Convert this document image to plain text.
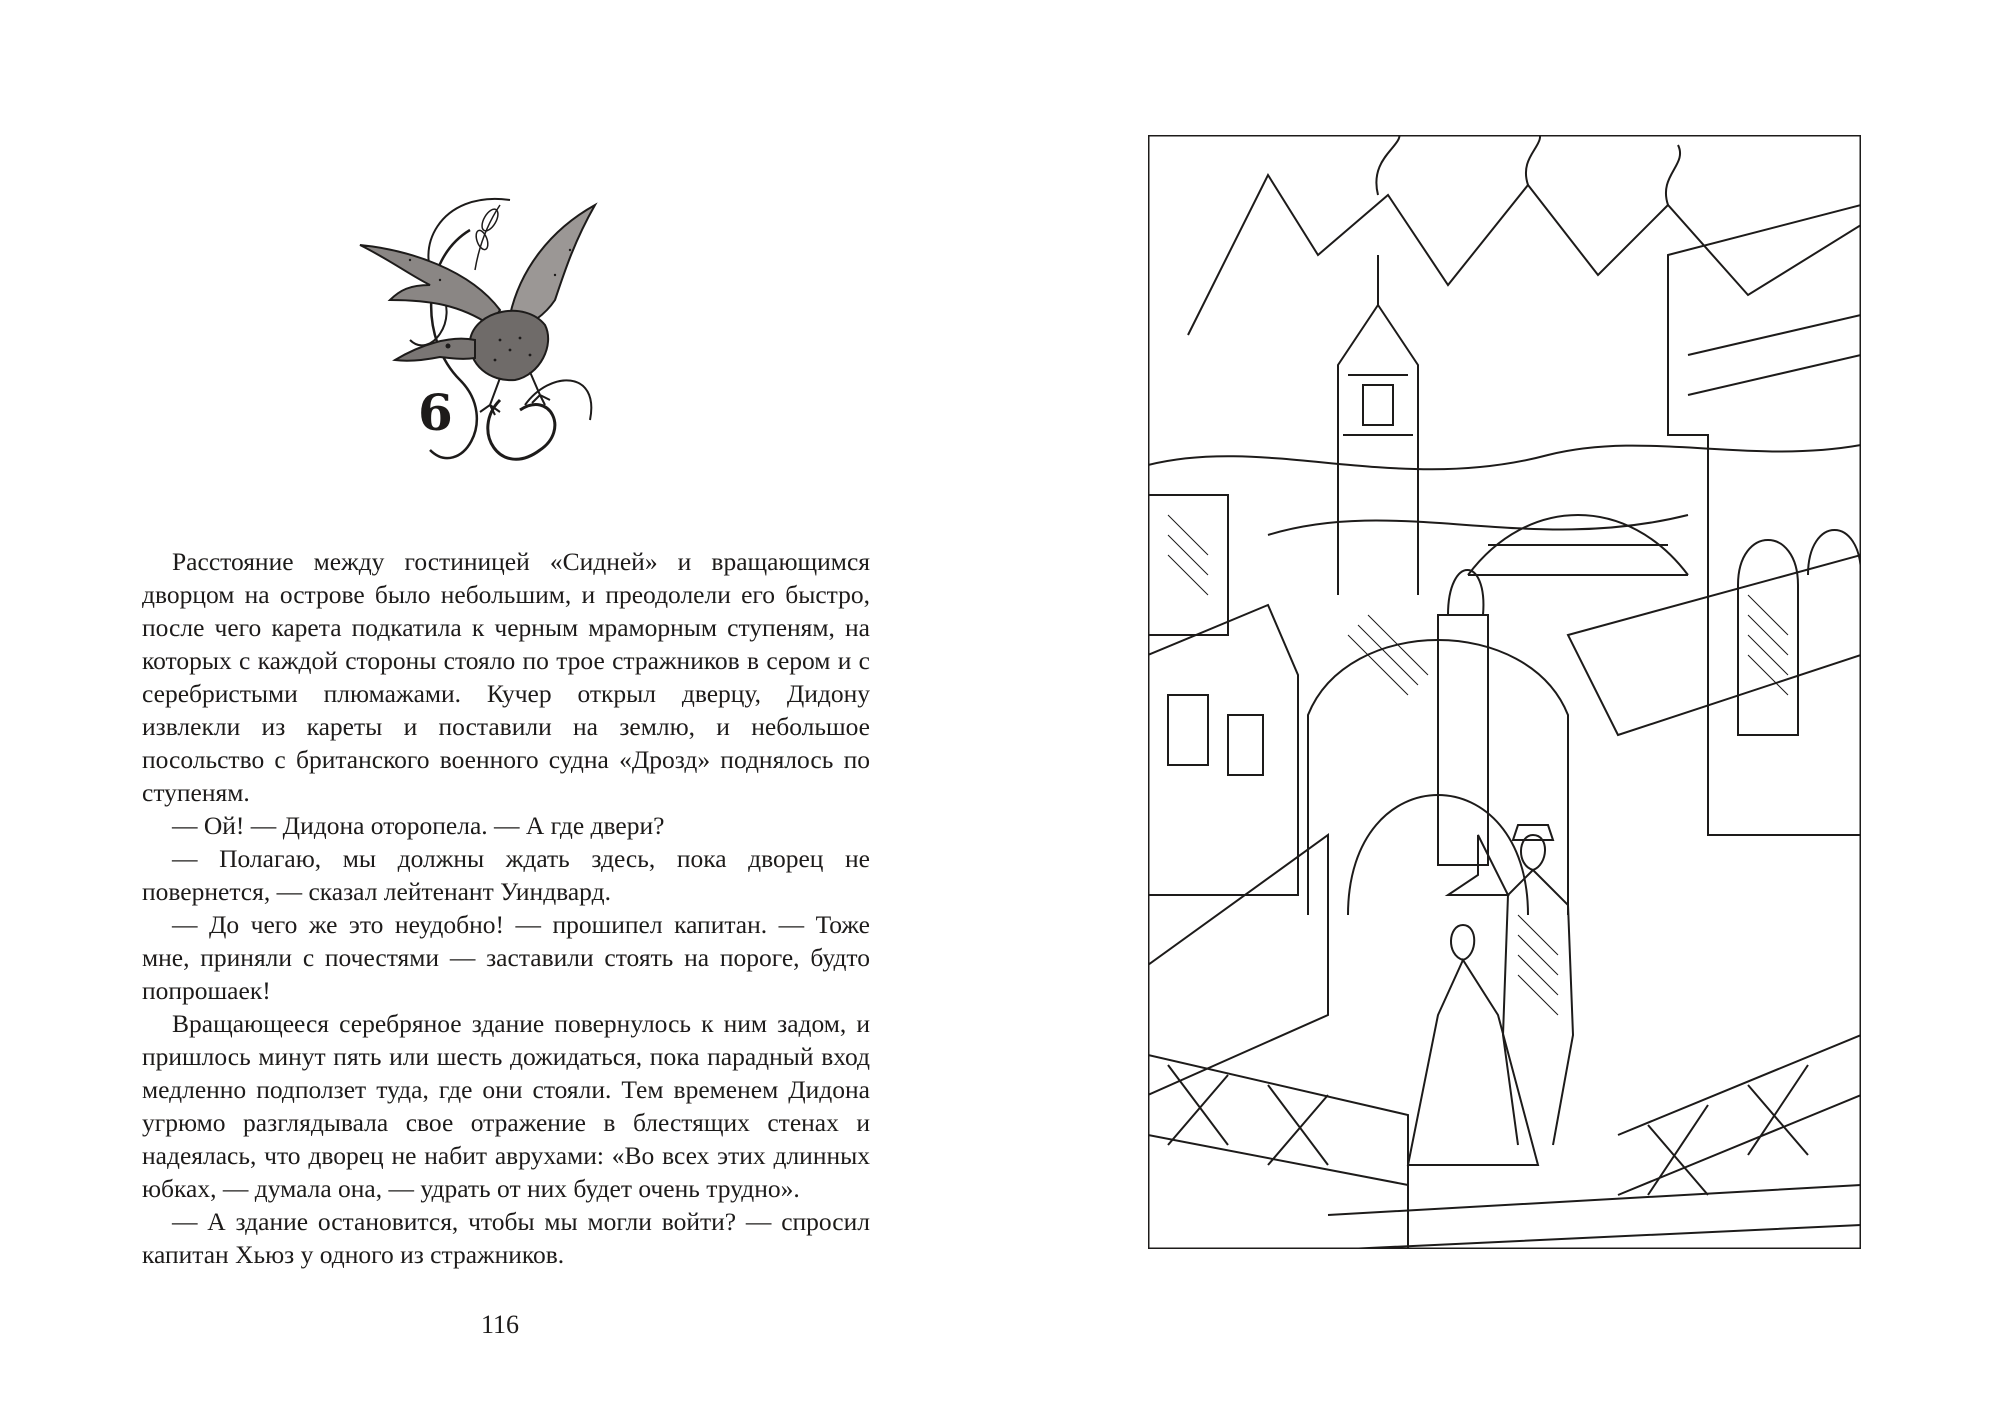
6

Расстояние между гостиницей «Сидней» и вращающимся дворцом на острове было небольшим, и преодолели его быстро, после чего карета подкатила к черным мраморным ступеням, на которых с каждой стороны стояло по трое стражников в сером и с серебристыми плюмажами. Кучер открыл дверцу, Дидону извлекли из кареты и поставили на землю, и небольшое посольство с британского военного судна «Дрозд» поднялось по ступеням.

— Ой! — Дидона оторопела. — А где двери?

— Полагаю, мы должны ждать здесь, пока дворец не повернется, — сказал лейтенант Уиндвард.

— До чего же это неудобно! — прошипел капитан. — Тоже мне, приняли с почестями — заставили стоять на пороге, будто попрошаек!

Вращающееся серебряное здание повернулось к ним задом, и пришлось минут пять или шесть дожидаться, пока парадный вход медленно подползет туда, где они стояли. Тем временем Дидона угрюмо разглядывала свое отражение в блестящих стенах и надеялась, что дворец не набит аврухами: «Во всех этих длинных юбках, — думала она, — удрать от них будет очень трудно».

— А здание остановится, чтобы мы могли войти? — спросил капитан Хьюз у одного из стражников.

116
